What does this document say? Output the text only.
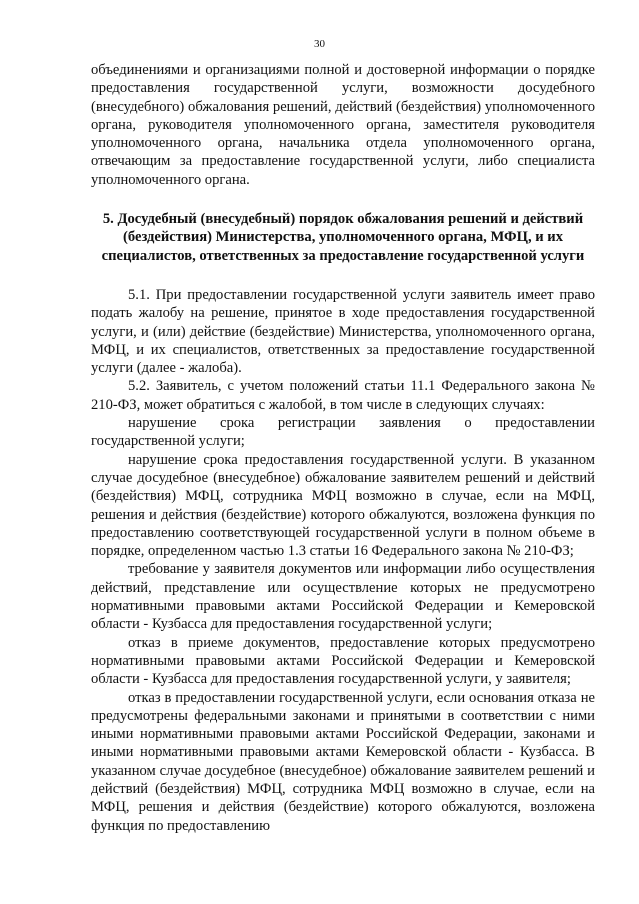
30

объединениями и организациями полной и достоверной информации о порядке предоставления государственной услуги, возможности досудебного (внесудебного) обжалования решений, действий (бездействия) уполномоченного органа, руководителя уполномоченного органа, заместителя руководителя уполномоченного органа, начальника отдела уполномоченного органа, отвечающим за предоставление государственной услуги, либо специалиста уполномоченного органа.

5. Досудебный (внесудебный) порядок обжалования решений и действий (бездействия) Министерства, уполномоченного органа, МФЦ, и их специалистов, ответственных за предоставление государственной услуги

5.1. При предоставлении государственной услуги заявитель имеет право подать жалобу на решение, принятое в ходе предоставления государственной услуги, и (или) действие (бездействие) Министерства, уполномоченного органа, МФЦ, и их специалистов, ответственных за предоставление государственной услуги (далее - жалоба).

5.2. Заявитель, с учетом положений статьи 11.1 Федерального закона № 210-ФЗ, может обратиться с жалобой, в том числе в следующих случаях:

нарушение срока регистрации заявления о предоставлении государственной услуги;

нарушение срока предоставления государственной услуги. В указанном случае досудебное (внесудебное) обжалование заявителем решений и действий (бездействия) МФЦ, сотрудника МФЦ возможно в случае, если на МФЦ, решения и действия (бездействие) которого обжалуются, возложена функция по предоставлению соответствующей государственной услуги в полном объеме в порядке, определенном частью 1.3 статьи 16 Федерального закона № 210-ФЗ;

требование у заявителя документов или информации либо осуществления действий, представление или осуществление которых не предусмотрено нормативными правовыми актами Российской Федерации и Кемеровской области - Кузбасса для предоставления государственной услуги;

отказ в приеме документов, предоставление которых предусмотрено нормативными правовыми актами Российской Федерации и Кемеровской области - Кузбасса для предоставления государственной услуги, у заявителя;

отказ в предоставлении государственной услуги, если основания отказа не предусмотрены федеральными законами и принятыми в соответствии с ними иными нормативными правовыми актами Российской Федерации, законами и иными нормативными правовыми актами Кемеровской области - Кузбасса. В указанном случае досудебное (внесудебное) обжалование заявителем решений и действий (бездействия) МФЦ, сотрудника МФЦ возможно в случае, если на МФЦ, решения и действия (бездействие) которого обжалуются, возложена функция по предоставлению
